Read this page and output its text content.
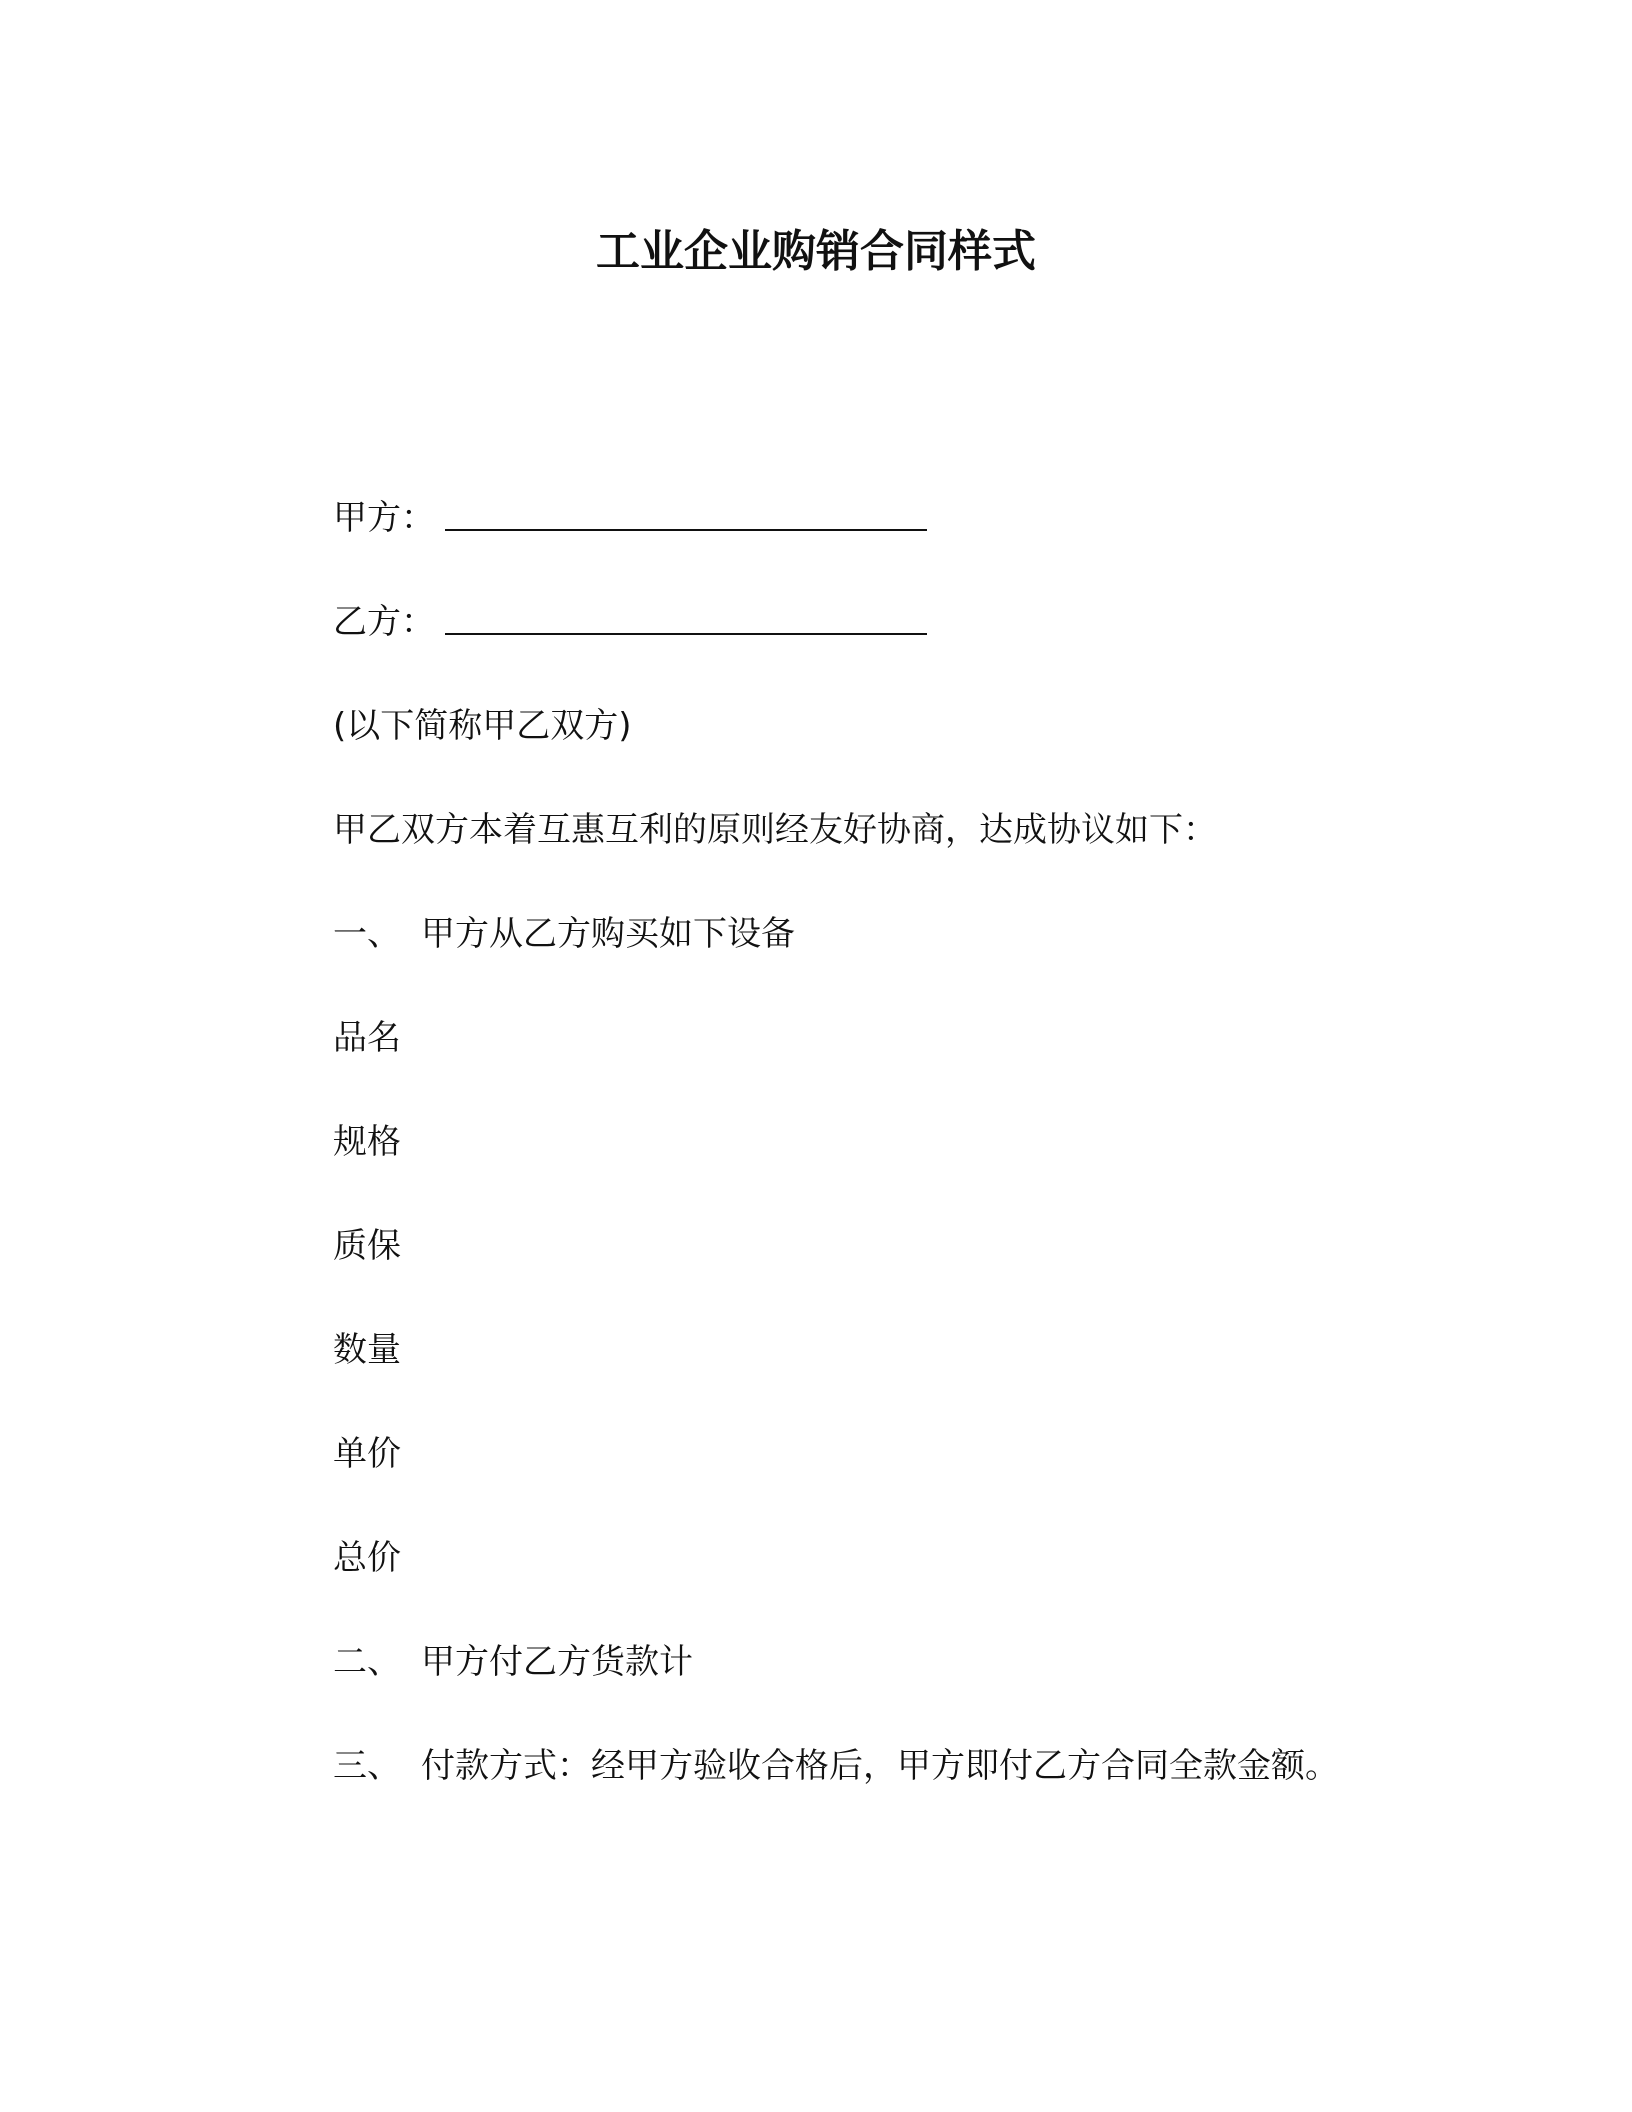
工业企业购销合同样式
甲方：
乙方：
(以下简称甲乙双方)
甲乙双方本着互惠互利的原则经友好协商，达成协议如下：
一、 甲方从乙方购买如下设备
品名
规格
质保
数量
单价
总价
二、 甲方付乙方货款计
三、 付款方式：经甲方验收合格后，甲方即付乙方合同全款金额。
